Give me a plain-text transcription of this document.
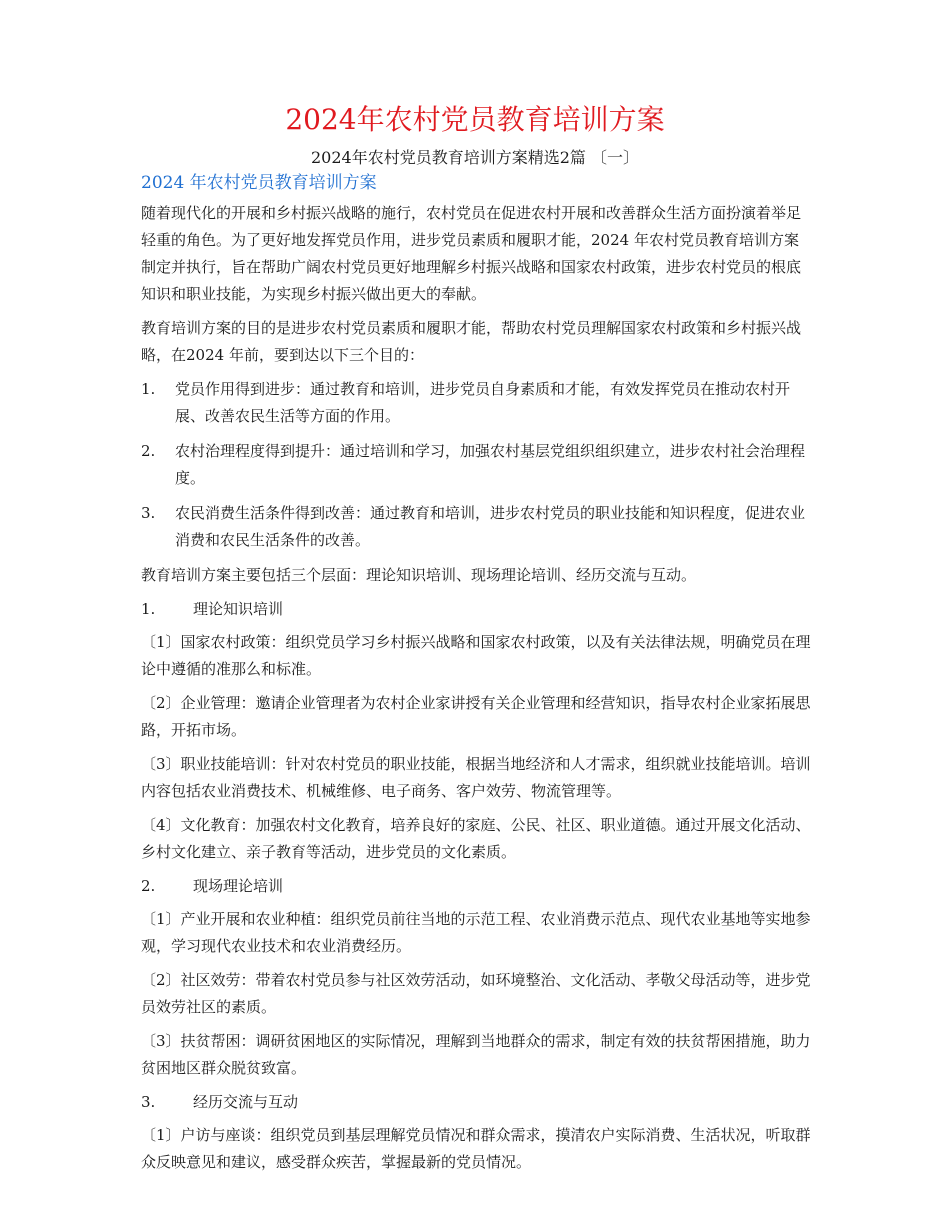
2024年农村党员教育培训方案
2024年农村党员教育培训方案精选2篇 〔一〕
2024 年农村党员教育培训方案

随着现代化的开展和乡村振兴战略的施行，农村党员在促进农村开展和改善群众生活方面扮演着举足轻重的角色。为了更好地发挥党员作用，进步党员素质和履职才能，2024 年农村党员教育培训方案制定并执行，旨在帮助广阔农村党员更好地理解乡村振兴战略和国家农村政策，进步农村党员的根底知识和职业技能，为实现乡村振兴做出更大的奉献。

教育培训方案的目的是进步农村党员素质和履职才能，帮助农村党员理解国家农村政策和乡村振兴战略，在2024 年前，要到达以下三个目的：

1. 党员作用得到进步：通过教育和培训，进步党员自身素质和才能，有效发挥党员在推动农村开展、改善农民生活等方面的作用。
2. 农村治理程度得到提升：通过培训和学习，加强农村基层党组织组织建立，进步农村社会治理程度。
3. 农民消费生活条件得到改善：通过教育和培训，进步农村党员的职业技能和知识程度，促进农业消费和农民生活条件的改善。

教育培训方案主要包括三个层面：理论知识培训、现场理论培训、经历交流与互动。

1.	理论知识培训

〔1〕国家农村政策：组织党员学习乡村振兴战略和国家农村政策，以及有关法律法规，明确党员在理论中遵循的准那么和标准。

〔2〕企业管理：邀请企业管理者为农村企业家讲授有关企业管理和经营知识，指导农村企业家拓展思路，开拓市场。

〔3〕职业技能培训：针对农村党员的职业技能，根据当地经济和人才需求，组织就业技能培训。培训内容包括农业消费技术、机械维修、电子商务、客户效劳、物流管理等。

〔4〕文化教育：加强农村文化教育，培养良好的家庭、公民、社区、职业道德。通过开展文化活动、乡村文化建立、亲子教育等活动，进步党员的文化素质。

2.	现场理论培训

〔1〕产业开展和农业种植：组织党员前往当地的示范工程、农业消费示范点、现代农业基地等实地参观，学习现代农业技术和农业消费经历。

〔2〕社区效劳：带着农村党员参与社区效劳活动，如环境整治、文化活动、孝敬父母活动等，进步党员效劳社区的素质。

〔3〕扶贫帮困：调研贫困地区的实际情况，理解到当地群众的需求，制定有效的扶贫帮困措施，助力贫困地区群众脱贫致富。

3.	经历交流与互动

〔1〕户访与座谈：组织党员到基层理解党员情况和群众需求，摸清农户实际消费、生活状况，听取群众反映意见和建议，感受群众疾苦，掌握最新的党员情况。
